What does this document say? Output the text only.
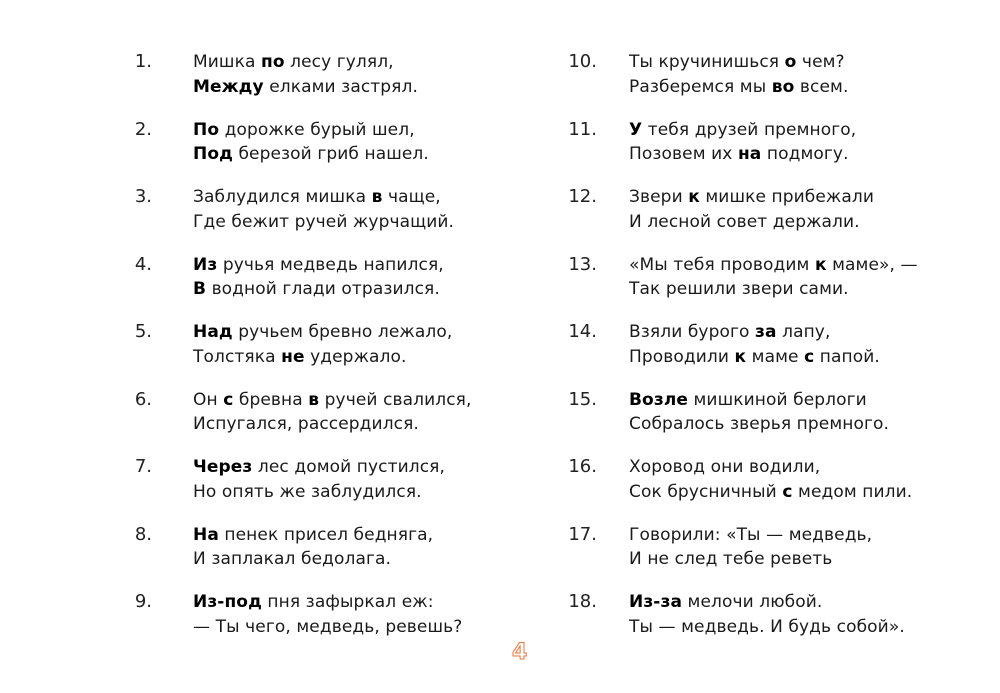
1. Мишка по лесу гулял,
Между елками застрял.
2. По дорожке бурый шел,
Под березой гриб нашел.
3. Заблудился мишка в чаще,
Где бежит ручей журчащий.
4. Из ручья медведь напился,
В водной глади отразился.
5. Над ручьем бревно лежало,
Толстяка не удержало.
6. Он с бревна в ручей свалился,
Испугался, рассердился.
7. Через лес домой пустился,
Но опять же заблудился.
8. На пенек присел бедняга,
И заплакал бедолага.
9. Из-под пня зафыркал еж:
— Ты чего, медведь, ревешь?
10. Ты кручинишься о чем?
Разберемся мы во всем.
11. У тебя друзей премного,
Позовем их на подмогу.
12. Звери к мишке прибежали
И лесной совет держали.
13. «Мы тебя проводим к маме», —
Так решили звери сами.
14. Взяли бурого за лапу,
Проводили к маме с папой.
15. Возле мишкиной берлоги
Собралось зверья премного.
16. Хоровод они водили,
Сок брусничный с медом пили.
17. Говорили: «Ты — медведь,
И не след тебе реветь
18. Из-за мелочи любой.
Ты — медведь. И будь собой».
4
